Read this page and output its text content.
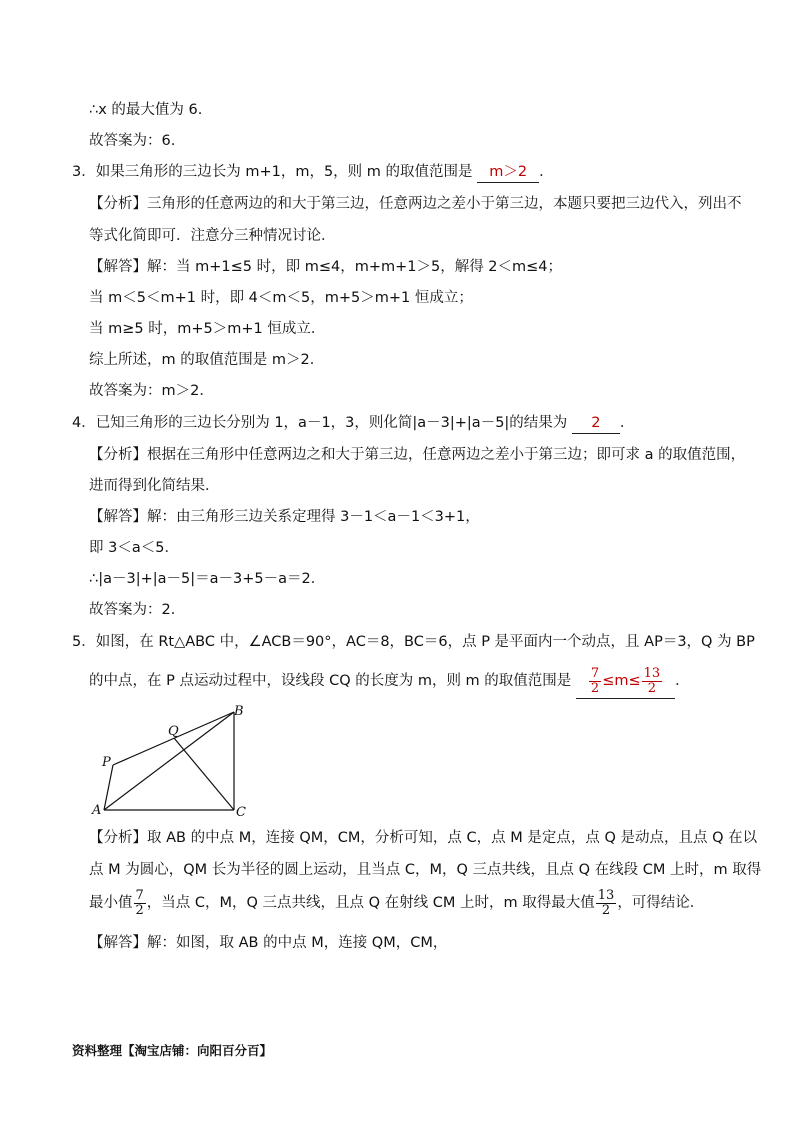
∴x 的最大值为 6.
故答案为：6.
3．如果三角形的三边长为 m+1，m，5，则 m 的取值范围是 m＞2 ．
【分析】三角形的任意两边的和大于第三边，任意两边之差小于第三边，本题只要把三边代入，列出不
等式化简即可．注意分三种情况讨论．
【解答】解：当 m+1≤5 时，即 m≤4，m+m+1＞5，解得 2＜m≤4；
当 m＜5＜m+1 时，即 4＜m＜5，m+5＞m+1 恒成立；
当 m≥5 时，m+5＞m+1 恒成立．
综上所述，m 的取值范围是 m＞2．
故答案为：m＞2．
4．已知三角形的三边长分别为 1，a－1，3，则化简|a－3|+|a－5|的结果为 2 ．
【分析】根据在三角形中任意两边之和大于第三边，任意两边之差小于第三边；即可求 a 的取值范围，
进而得到化简结果．
【解答】解：由三角形三边关系定理得 3－1＜a－1＜3+1，
即 3＜a＜5．
∴|a－3|+|a－5|＝a－3+5－a＝2．
故答案为：2．
5．如图，在 Rt△ABC 中，∠ACB＝90°，AC＝8，BC＝6，点 P 是平面内一个动点，且 AP＝3，Q 为 BP
的中点，在 P 点运动过程中，设线段 CQ 的长度为 m，则 m 的取值范围是 $\frac{7}{2} \le m\le \frac{13}{2}$ ．
B
Q
P
A	C
【分析】取 AB 的中点 M，连接 QM，CM，分析可知，点 C，点 M 是定点，点 Q 是动点，且点 Q 在以
点 M 为圆心，QM 长为半径的圆上运动，且当点 C，M，Q 三点共线，且点 Q 在线段 CM 上时，m 取得
最小值 $\frac{7}{2}$ ，当点 C，M，Q 三点共线，且点 Q 在射线 CM 上时，m 取得最大值 $\frac{13}{2}$ ，可得结论．
【解答】解：如图，取 AB 的中点 M，连接 QM，CM，
资料整理【淘宝店铺：向阳百分百】
